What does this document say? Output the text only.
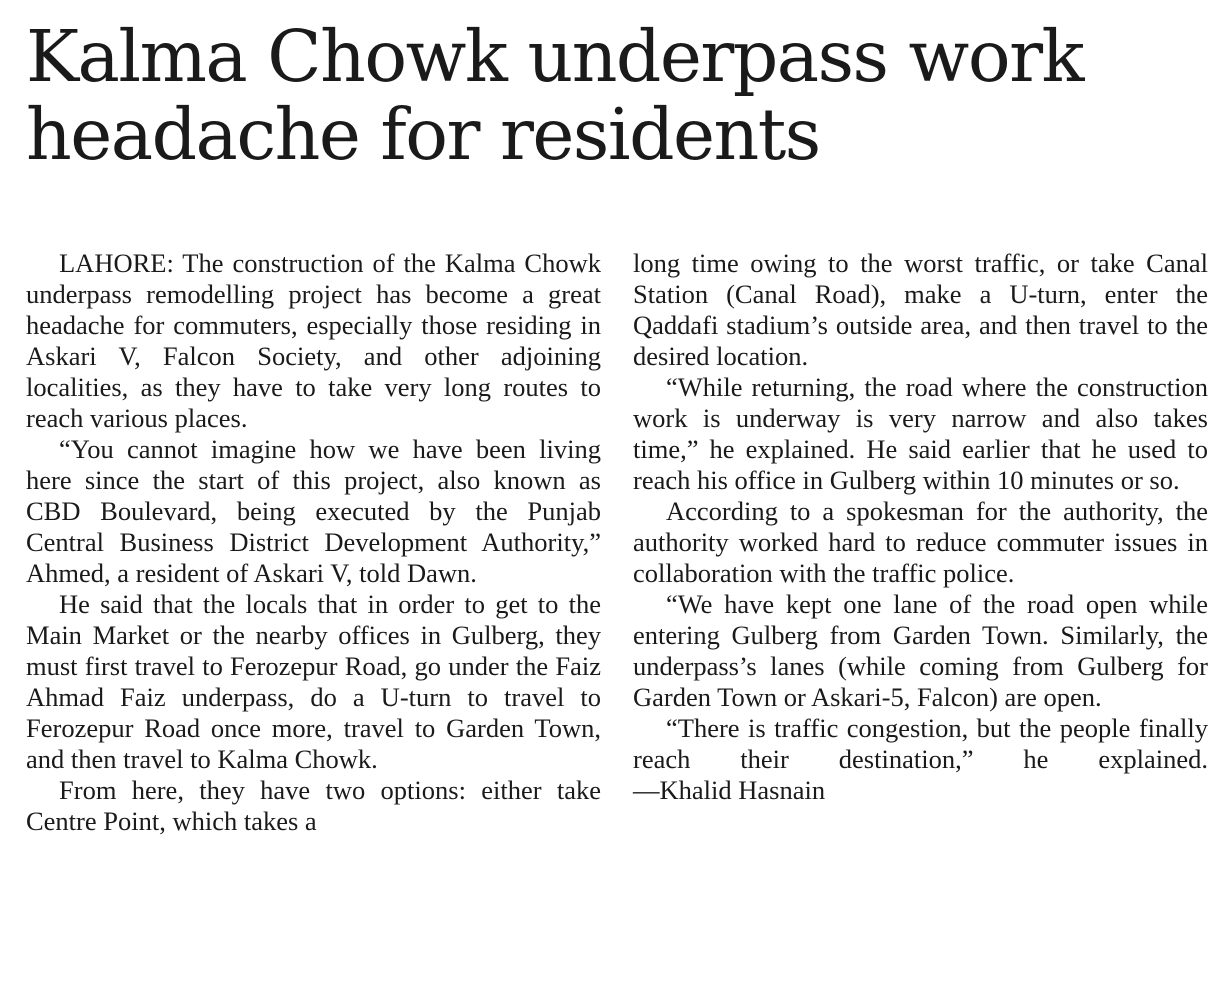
Kalma Chowk underpass work headache for residents

LAHORE: The construction of the Kalma Chowk underpass remodelling project has become a great headache for commuters, especially those residing in Askari V, Falcon Society, and other adjoining localities, as they have to take very long routes to reach various places.

“You cannot imagine how we have been living here since the start of this project, also known as CBD Boulevard, being executed by the Punjab Central Business District Development Authority,” Ahmed, a resident of Askari V, told Dawn.

He said that the locals that in order to get to the Main Market or the nearby offices in Gulberg, they must first travel to Ferozepur Road, go under the Faiz Ahmad Faiz underpass, do a U-turn to travel to Ferozepur Road once more, travel to Garden Town, and then travel to Kalma Chowk.

From here, they have two options: either take Centre Point, which takes a

long time owing to the worst traffic, or take Canal Station (Canal Road), make a U-turn, enter the Qaddafi stadium’s outside area, and then travel to the desired location.

“While returning, the road where the construction work is underway is very narrow and also takes time,” he explained. He said earlier that he used to reach his office in Gulberg within 10 minutes or so.

According to a spokesman for the authority, the authority worked hard to reduce commuter issues in collaboration with the traffic police.

“We have kept one lane of the road open while entering Gulberg from Garden Town. Similarly, the underpass’s lanes (while coming from Gulberg for Garden Town or Askari-5, Falcon) are open.

“There is traffic congestion, but the people finally reach their destination,” he explained.—Khalid Hasnain
